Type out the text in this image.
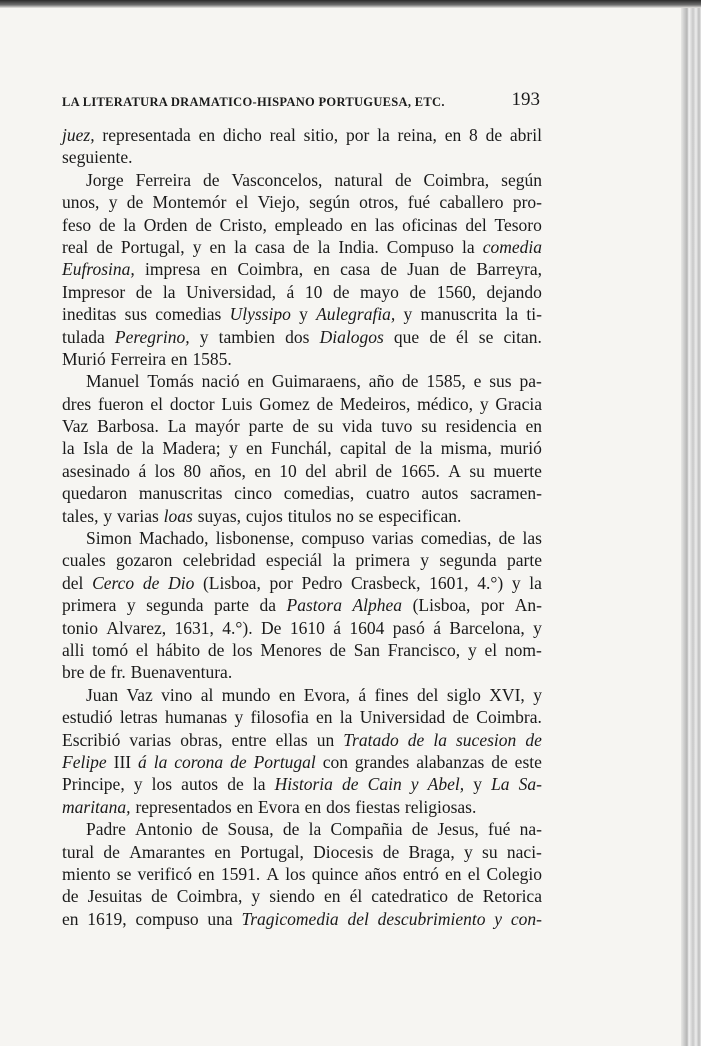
LA LITERATURA DRAMATICO-HISPANO PORTUGUESA, ETC.	193
juez, representada en dicho real sitio, por la reina, en 8 de abril
seguiente.
Jorge Ferreira de Vasconcelos, natural de Coimbra, según
unos, y de Montemór el Viejo, según otros, fué caballero pro-
feso de la Orden de Cristo, empleado en las oficinas del Tesoro
real de Portugal, y en la casa de la India. Compuso la comedia
Eufrosina, impresa en Coimbra, en casa de Juan de Barreyra,
Impresor de la Universidad, á 10 de mayo de 1560, dejando
ineditas sus comedias Ulyssipo y Aulegrafia, y manuscrita la ti-
tulada Peregrino, y tambien dos Dialogos que de él se citan.
Murió Ferreira en 1585.
Manuel Tomás nació en Guimaraens, año de 1585, e sus pa-
dres fueron el doctor Luis Gomez de Medeiros, médico, y Gracia
Vaz Barbosa. La mayór parte de su vida tuvo su residencia en
la Isla de la Madera; y en Funchál, capital de la misma, murió
asesinado á los 80 años, en 10 del abril de 1665. A su muerte
quedaron manuscritas cinco comedias, cuatro autos sacramen-
tales, y varias loas suyas, cujos titulos no se especifican.
Simon Machado, lisbonense, compuso varias comedias, de las
cuales gozaron celebridad especiál la primera y segunda parte
del Cerco de Dio (Lisboa, por Pedro Crasbeck, 1601, 4.°) y la
primera y segunda parte da Pastora Alphea (Lisboa, por An-
tonio Alvarez, 1631, 4.°). De 1610 á 1604 pasó á Barcelona, y
alli tomó el hábito de los Menores de San Francisco, y el nom-
bre de fr. Buenaventura.
Juan Vaz vino al mundo en Evora, á fines del siglo XVI, y
estudió letras humanas y filosofia en la Universidad de Coimbra.
Escribió varias obras, entre ellas un Tratado de la sucesion de
Felipe III á la corona de Portugal con grandes alabanzas de este
Principe, y los autos de la Historia de Cain y Abel, y La Sa-
maritana, representados en Evora en dos fiestas religiosas.
Padre Antonio de Sousa, de la Compañia de Jesus, fué na-
tural de Amarantes en Portugal, Diocesis de Braga, y su naci-
miento se verificó en 1591. A los quince años entró en el Colegio
de Jesuitas de Coimbra, y siendo en él catedratico de Retorica
en 1619, compuso una Tragicomedia del descubrimiento y con-
